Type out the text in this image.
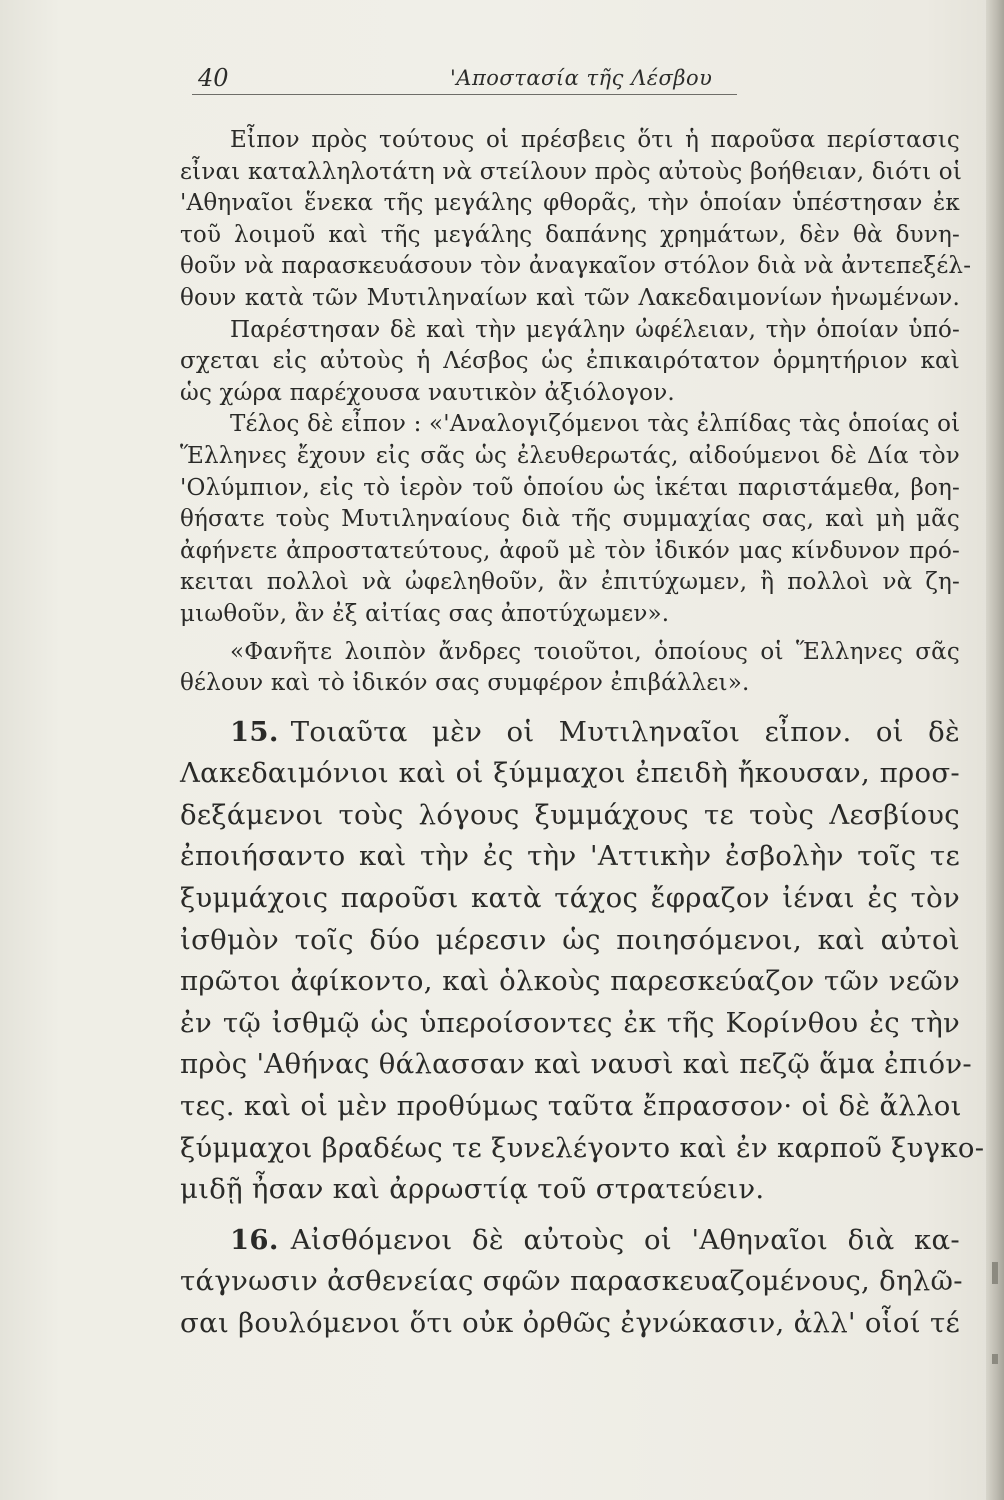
40	'Αποστασία τῆς Λέσβου
Εἶπον πρὸς τούτους οἱ πρέσβεις ὅτι ἡ παροῦσα περίστασις
εἶναι καταλληλοτάτη νὰ στείλουν πρὸς αὐτοὺς βοήθειαν, διότι οἱ
'Αθηναῖοι ἕνεκα τῆς μεγάλης φθορᾶς, τὴν ὁποίαν ὑπέστησαν ἐκ
τοῦ λοιμοῦ καὶ τῆς μεγάλης δαπάνης χρημάτων, δὲν θὰ δυνη-
θοῦν νὰ παρασκευάσουν τὸν ἀναγκαῖον στόλον διὰ νὰ ἀντεπεξέλ-
θουν κατὰ τῶν Μυτιληναίων καὶ τῶν Λακεδαιμονίων ἡνωμένων.
Παρέστησαν δὲ καὶ τὴν μεγάλην ὠφέλειαν, τὴν ὁποίαν ὑπό-
σχεται εἰς αὐτοὺς ἡ Λέσβος ὡς ἐπικαιρότατον ὁρμητήριον καὶ
ὡς χώρα παρέχουσα ναυτικὸν ἀξιόλογον.
Τέλος δὲ εἶπον : «'Αναλογιζόμενοι τὰς ἐλπίδας τὰς ὁποίας οἱ
Ἕλληνες ἔχουν εἰς σᾶς ὡς ἐλευθερωτάς, αἰδούμενοι δὲ Δία τὸν
'Ολύμπιον, εἰς τὸ ἱερὸν τοῦ ὁποίου ὡς ἱκέται παριστάμεθα, βοη-
θήσατε τοὺς Μυτιληναίους διὰ τῆς συμμαχίας σας, καὶ μὴ μᾶς
ἀφήνετε ἀπροστατεύτους, ἀφοῦ μὲ τὸν ἰδικόν μας κίνδυνον πρό-
κειται πολλοὶ νὰ ὠφεληθοῦν, ἂν ἐπιτύχωμεν, ἢ πολλοὶ νὰ ζη-
μιωθοῦν, ἂν ἐξ αἰτίας σας ἀποτύχωμεν».
«Φανῆτε λοιπὸν ἄνδρες τοιοῦτοι, ὁποίους οἱ Ἕλληνες σᾶς
θέλουν καὶ τὸ ἰδικόν σας συμφέρον ἐπιβάλλει».
15. Τοιαῦτα μὲν οἱ Μυτιληναῖοι εἶπον. οἱ δὲ
Λακεδαιμόνιοι καὶ οἱ ξύμμαχοι ἐπειδὴ ἤκουσαν, προσ-
δεξάμενοι τοὺς λόγους ξυμμάχους τε τοὺς Λεσβίους
ἐποιήσαντο καὶ τὴν ἐς τὴν 'Αττικὴν ἐσβολὴν τοῖς τε
ξυμμάχοις παροῦσι κατὰ τάχος ἔφραζον ἰέναι ἐς τὸν
ἰσθμὸν τοῖς δύο μέρεσιν ὡς ποιησόμενοι, καὶ αὐτοὶ
πρῶτοι ἀφίκοντο, καὶ ὁλκοὺς παρεσκεύαζον τῶν νεῶν
ἐν τῷ ἰσθμῷ ὡς ὑπεροίσοντες ἐκ τῆς Κορίνθου ἐς τὴν
πρὸς 'Αθήνας θάλασσαν καὶ ναυσὶ καὶ πεζῷ ἅμα ἐπιόν-
τες. καὶ οἱ μὲν προθύμως ταῦτα ἔπρασσον· οἱ δὲ ἄλλοι
ξύμμαχοι βραδέως τε ξυνελέγοντο καὶ ἐν καρποῦ ξυγκο-
μιδῇ ἦσαν καὶ ἀρρωστίᾳ τοῦ στρατεύειν.
16. Αἰσθόμενοι δὲ αὐτοὺς οἱ 'Αθηναῖοι διὰ κα-
τάγνωσιν ἀσθενείας σφῶν παρασκευαζομένους, δηλῶ-
σαι βουλόμενοι ὅτι οὐκ ὀρθῶς ἐγνώκασιν, ἀλλ' οἷοί τέ
